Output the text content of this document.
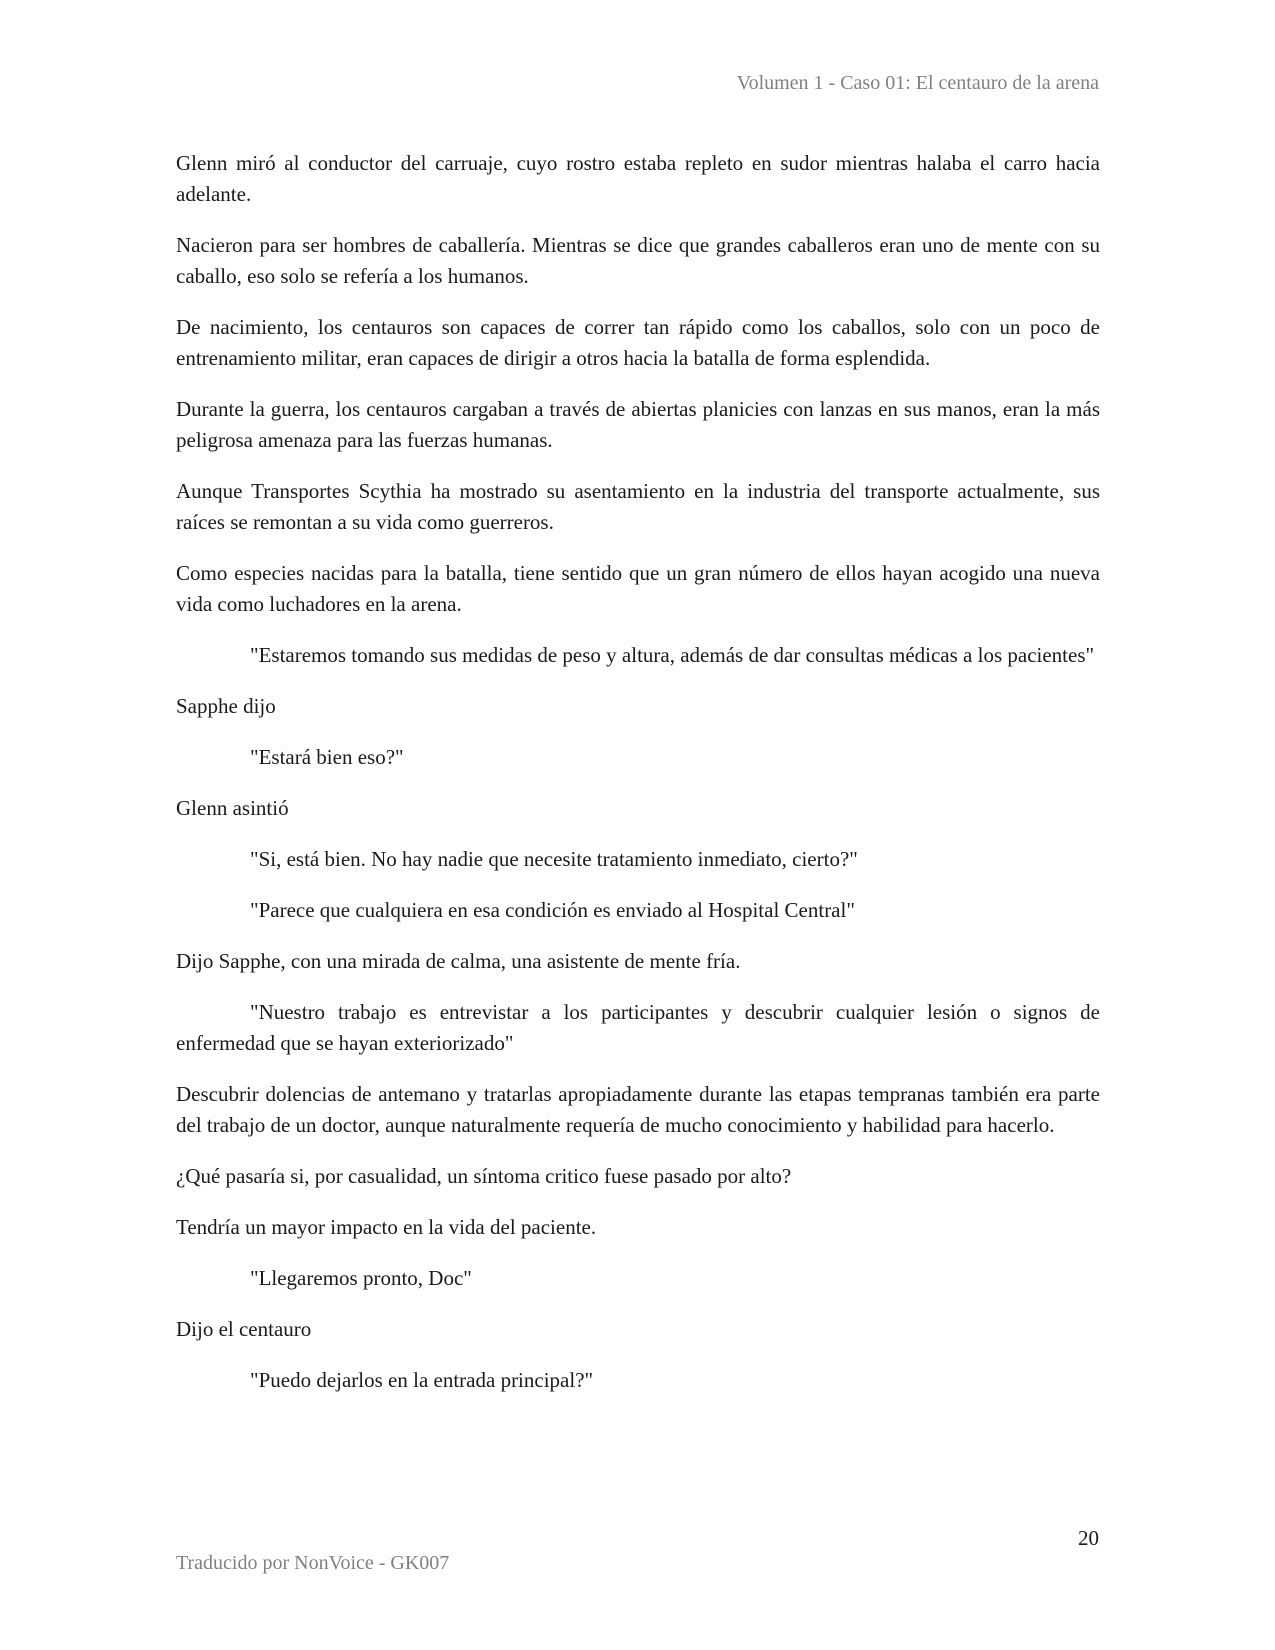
Volumen 1 - Caso 01: El centauro de la arena

Glenn miró al conductor del carruaje, cuyo rostro estaba repleto en sudor mientras halaba el carro hacia adelante.

Nacieron para ser hombres de caballería. Mientras se dice que grandes caballeros eran uno de mente con su caballo, eso solo se refería a los humanos.

De nacimiento, los centauros son capaces de correr tan rápido como los caballos, solo con un poco de entrenamiento militar, eran capaces de dirigir a otros hacia la batalla de forma esplendida.

Durante la guerra, los centauros cargaban a través de abiertas planicies con lanzas en sus manos, eran la más peligrosa amenaza para las fuerzas humanas.

Aunque Transportes Scythia ha mostrado su asentamiento en la industria del transporte actualmente, sus raíces se remontan a su vida como guerreros.

Como especies nacidas para la batalla, tiene sentido que un gran número de ellos hayan acogido una nueva vida como luchadores en la arena.

"Estaremos tomando sus medidas de peso y altura, además de dar consultas médicas a los pacientes"

Sapphe dijo

"Estará bien eso?"

Glenn asintió

"Si, está bien. No hay nadie que necesite tratamiento inmediato, cierto?"

"Parece que cualquiera en esa condición es enviado al Hospital Central"

Dijo Sapphe, con una mirada de calma, una asistente de mente fría.

"Nuestro trabajo es entrevistar a los participantes y descubrir cualquier lesión o signos de enfermedad que se hayan exteriorizado"

Descubrir dolencias de antemano y tratarlas apropiadamente durante las etapas tempranas también era parte del trabajo de un doctor, aunque naturalmente requería de mucho conocimiento y habilidad para hacerlo.

¿Qué pasaría si, por casualidad, un síntoma critico fuese pasado por alto?

Tendría un mayor impacto en la vida del paciente.

"Llegaremos pronto, Doc"

Dijo el centauro

"Puedo dejarlos en la entrada principal?"

20
Traducido por NonVoice - GK007
